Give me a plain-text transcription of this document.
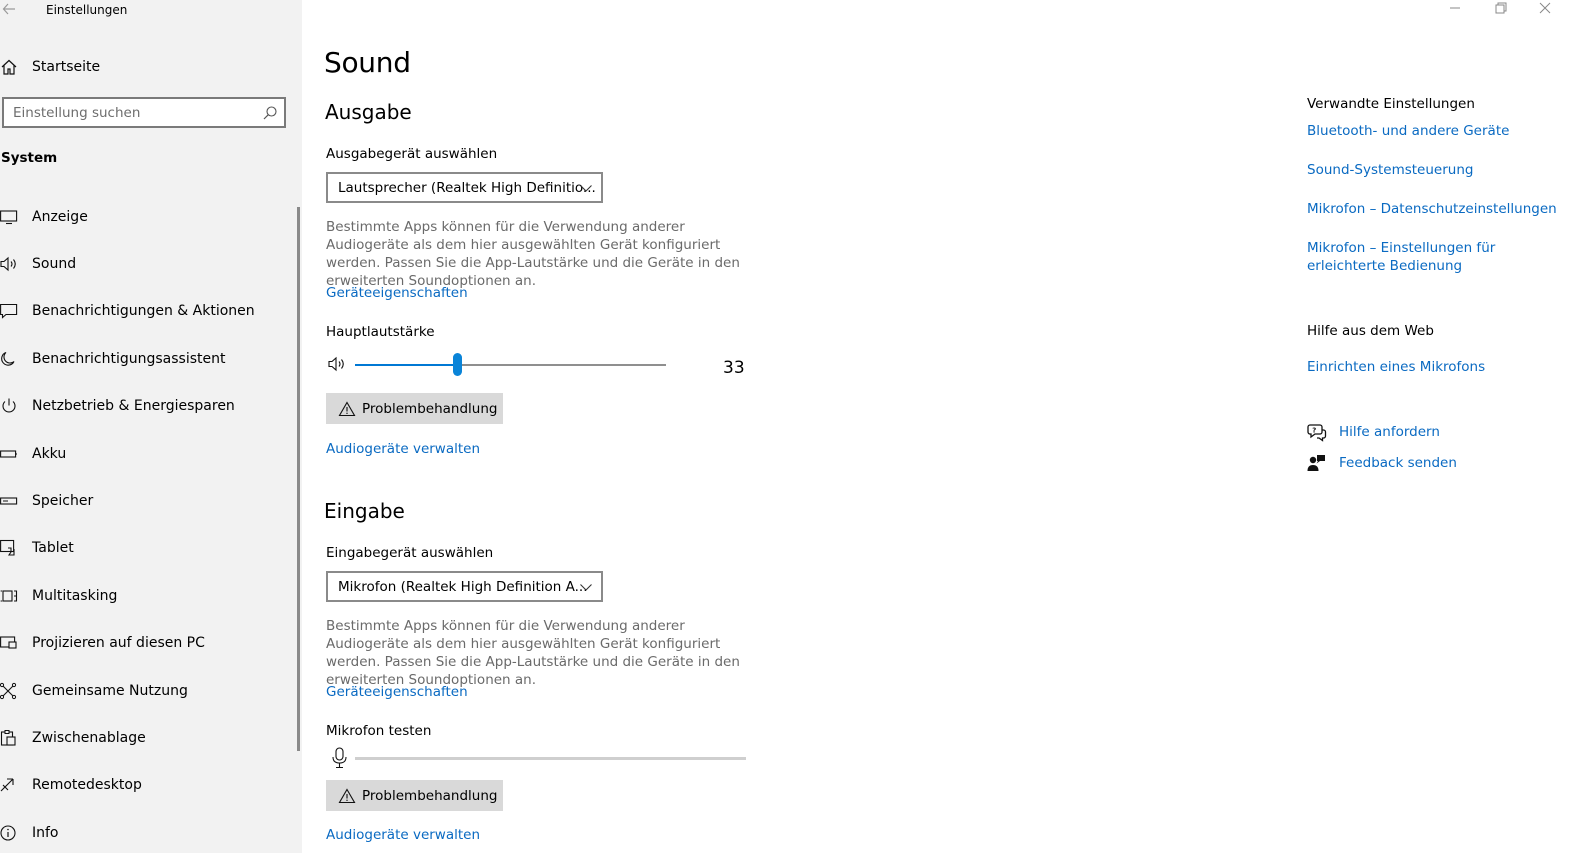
Einstellungen
Startseite
Einstellung suchen
System
Anzeige
Sound
Benachrichtigungen & Aktionen
Benachrichtigungsassistent
Netzbetrieb & Energiesparen
Akku
Speicher
Tablet
Multitasking
Projizieren auf diesen PC
Gemeinsame Nutzung
Zwischenablage
Remotedesktop
Info
Sound
Ausgabe
Ausgabegerät auswählen
Lautsprecher (Realtek High Definitio...
Bestimmte Apps können für die Verwendung anderer Audiogeräte als dem hier ausgewählten Gerät konfiguriert werden. Passen Sie die App-Lautstärke und die Geräte in den erweiterten Soundoptionen an.
Geräteeigenschaften
Hauptlautstärke
33
Problembehandlung
Audiogeräte verwalten
Eingabe
Eingabegerät auswählen
Mikrofon (Realtek High Definition A...
Bestimmte Apps können für die Verwendung anderer Audiogeräte als dem hier ausgewählten Gerät konfiguriert werden. Passen Sie die App-Lautstärke und die Geräte in den erweiterten Soundoptionen an.
Geräteeigenschaften
Mikrofon testen
Problembehandlung
Audiogeräte verwalten
Verwandte Einstellungen
Bluetooth- und andere Geräte
Sound-Systemsteuerung
Mikrofon – Datenschutzeinstellungen
Mikrofon – Einstellungen für erleichterte Bedienung
Hilfe aus dem Web
Einrichten eines Mikrofons
? Hilfe anfordern
Feedback senden
